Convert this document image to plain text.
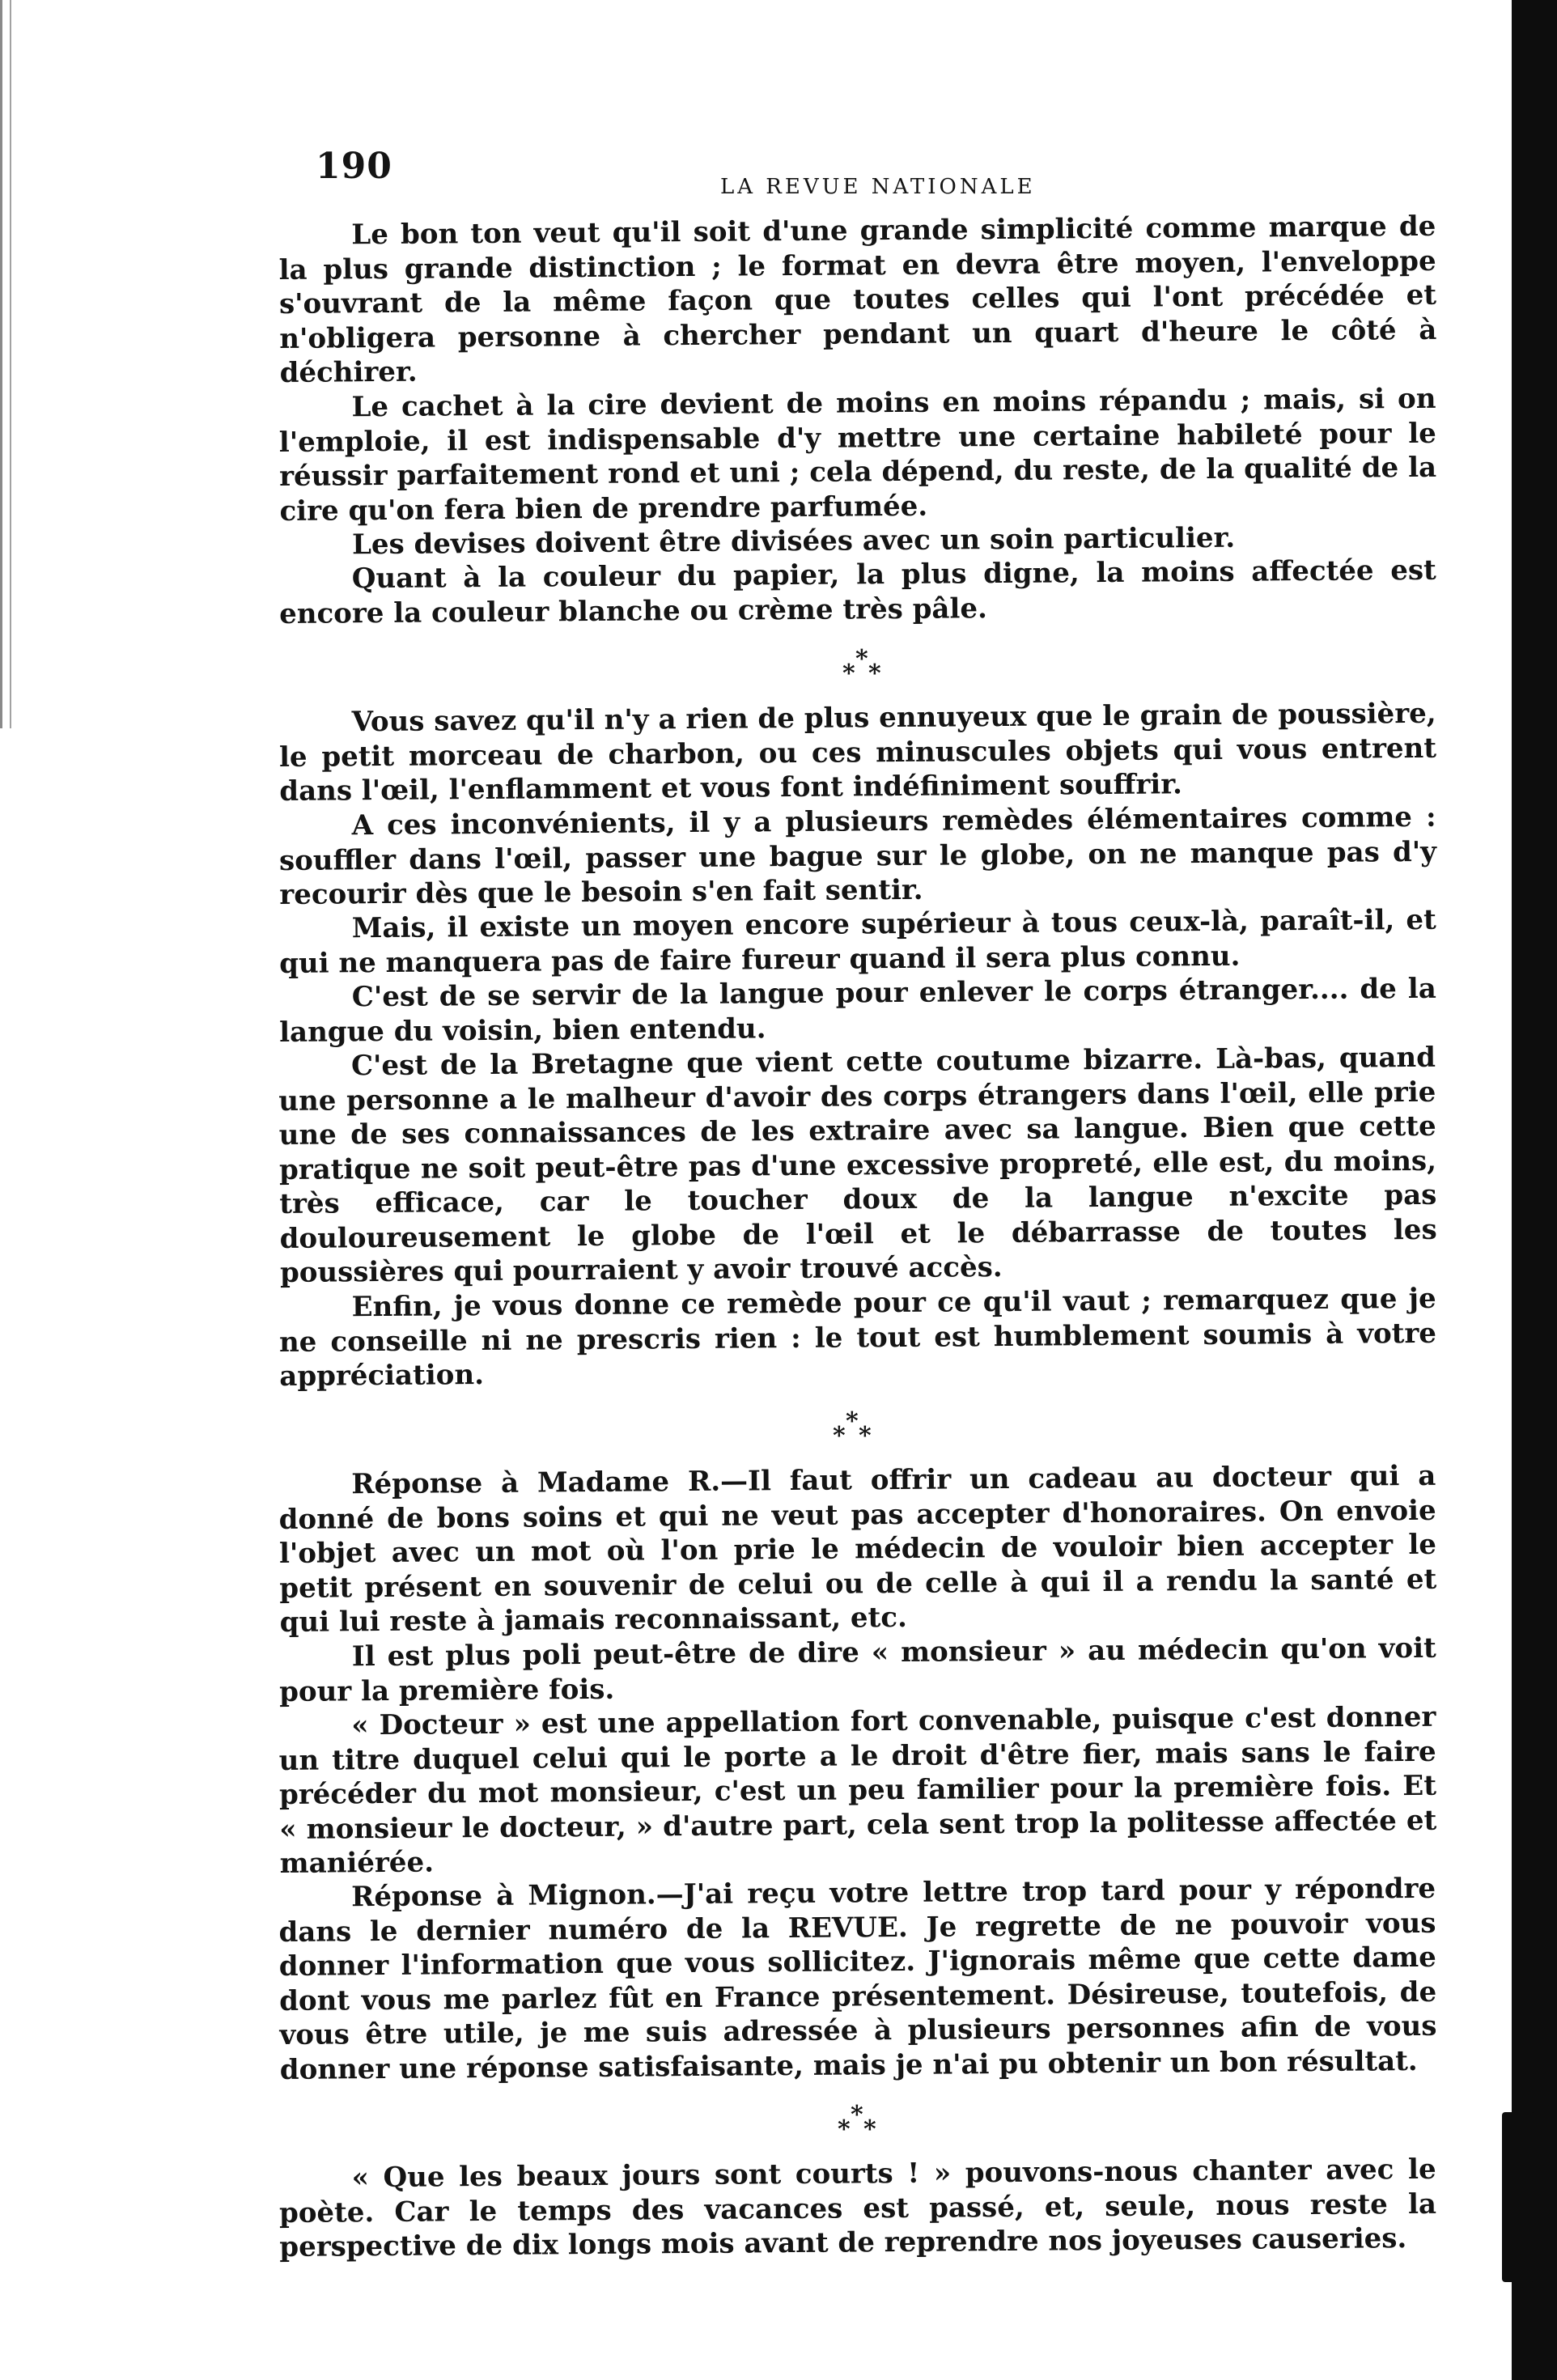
190	LA REVUE NATIONALE

Le bon ton veut qu'il soit d'une grande simplicité comme marque de la plus grande distinction ; le format en devra être moyen, l'enveloppe s'ouvrant de la même façon que toutes celles qui l'ont précédée et n'obligera personne à chercher pendant un quart d'heure le côté à déchirer.

Le cachet à la cire devient de moins en moins répandu ; mais, si on l'emploie, il est indispensable d'y mettre une certaine habileté pour le réussir parfaitement rond et uni ; cela dépend, du reste, de la qualité de la cire qu'on fera bien de prendre parfumée.

Les devises doivent être divisées avec un soin particulier.

Quant à la couleur du papier, la plus digne, la moins affectée est encore la couleur blanche ou crème très pâle.

*
* *

Vous savez qu'il n'y a rien de plus ennuyeux que le grain de poussière, le petit morceau de charbon, ou ces minuscules objets qui vous entrent dans l'œil, l'enflamment et vous font indéfiniment souffrir.

A ces inconvénients, il y a plusieurs remèdes élémentaires comme : souffler dans l'œil, passer une bague sur le globe, on ne manque pas d'y recourir dès que le besoin s'en fait sentir.

Mais, il existe un moyen encore supérieur à tous ceux-là, paraît-il, et qui ne manquera pas de faire fureur quand il sera plus connu.

C'est de se servir de la langue pour enlever le corps étranger.... de la langue du voisin, bien entendu.

C'est de la Bretagne que vient cette coutume bizarre. Là-bas, quand une personne a le malheur d'avoir des corps étrangers dans l'œil, elle prie une de ses connaissances de les extraire avec sa langue. Bien que cette pratique ne soit peut-être pas d'une excessive propreté, elle est, du moins, très efficace, car le toucher doux de la langue n'excite pas douloureusement le globe de l'œil et le débarrasse de toutes les poussières qui pourraient y avoir trouvé accès.

Enfin, je vous donne ce remède pour ce qu'il vaut ; remarquez que je ne conseille ni ne prescris rien : le tout est humblement soumis à votre appréciation.

*
* *

Réponse à Madame R.—Il faut offrir un cadeau au docteur qui a donné de bons soins et qui ne veut pas accepter d'honoraires. On envoie l'objet avec un mot où l'on prie le médecin de vouloir bien accepter le petit présent en souvenir de celui ou de celle à qui il a rendu la santé et qui lui reste à jamais reconnaissant, etc.

Il est plus poli peut-être de dire « monsieur » au médecin qu'on voit pour la première fois.

« Docteur » est une appellation fort convenable, puisque c'est donner un titre duquel celui qui le porte a le droit d'être fier, mais sans le faire précéder du mot monsieur, c'est un peu familier pour la première fois. Et « monsieur le docteur, » d'autre part, cela sent trop la politesse affectée et maniérée.

Réponse à Mignon.—J'ai reçu votre lettre trop tard pour y répondre dans le dernier numéro de la REVUE. Je regrette de ne pouvoir vous donner l'information que vous sollicitez. J'ignorais même que cette dame dont vous me parlez fût en France présentement. Désireuse, toutefois, de vous être utile, je me suis adressée à plusieurs personnes afin de vous donner une réponse satisfaisante, mais je n'ai pu obtenir un bon résultat.

*
* *

« Que les beaux jours sont courts ! » pouvons-nous chanter avec le poète. Car le temps des vacances est passé, et, seule, nous reste la perspective de dix longs mois avant de reprendre nos joyeuses causeries.
